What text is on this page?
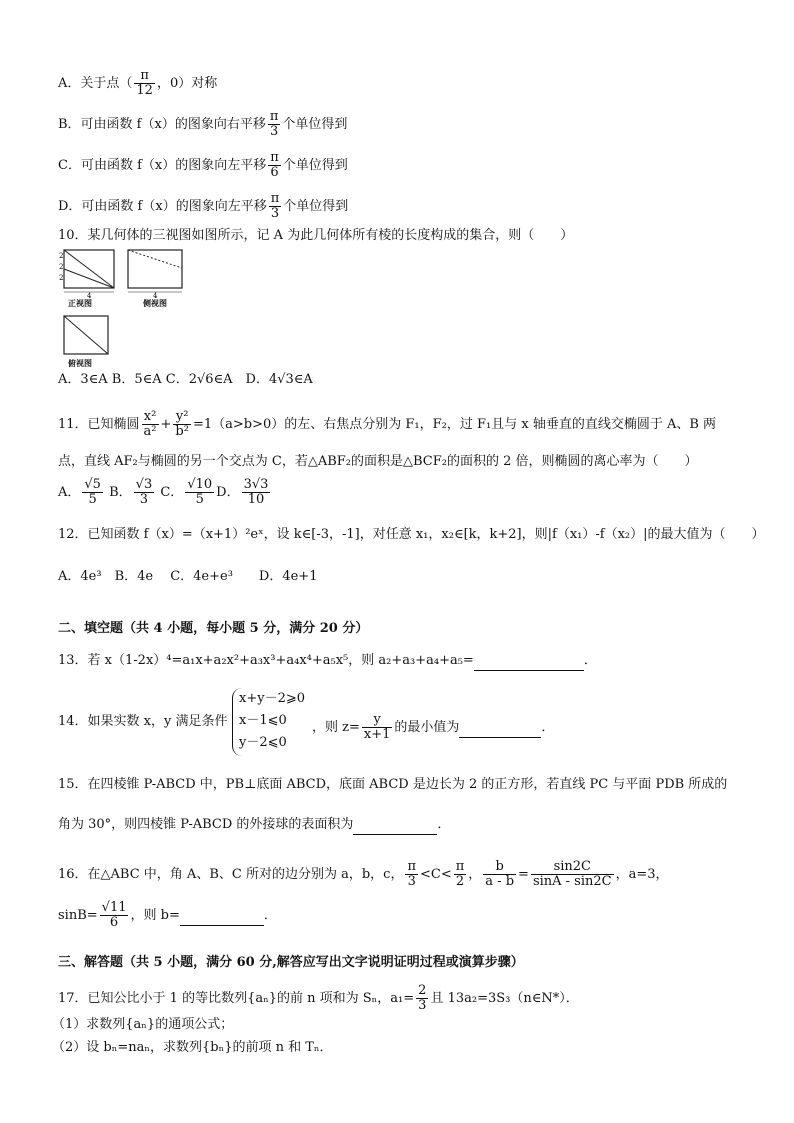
A．关于点（ $\frac{\pi}{12}$ ，0）对称
B．可由函数 f（x）的图象向右平移 $\frac{\pi}{3}$ 个单位得到
C．可由函数 f（x）的图象向左平移 $\frac{\pi}{6}$ 个单位得到
D．可由函数 f（x）的图象向左平移 $\frac{\pi}{3}$ 个单位得到
10．某几何体的三视图如图所示，记 A 为此几何体所有棱的长度构成的集合，则（　　）
2
2
2
4
正视图
4
侧视图
俯视图
A．3∈A B．5∈A C．2√6∈A　D．4√3∈A
11．已知椭圆 $\frac{\text{x²}}{\text{a²}} + \frac{\text{y²}}{\text{b²}} =1(a>b>0)$的左、右焦点分别为 F₁，F₂，过 F₁且与 x 轴垂直的直线交椭圆于 A、B 两
点，直线 AF₂与椭圆的另一个交点为 C，若△ABF₂的面积是△BCF₂的面积的 2 倍，则椭圆的离心率为（　　）
A． $\frac{√5}{5}$ B． $\frac{√3}{3}$ C． $\frac{√10}{5}$ D． $\frac{3√3}{10}$
12．已知函数 f（x）=（x+1）²eˣ，设 k∈[-3，-1]，对任意 x₁，x₂∈[k，k+2]，则|f（x₁）-f（x₂）|的最大值为（　　）
A．4e³　B．4e　 C．4e+e³　　D．4e+1
二、填空题（共 4 小题，每小题 5 分，满分 20 分）
13．若 x（1-2x）⁴=a₁x+a₂x²+a₃x³+a₄x⁴+a₅x⁵，则 a₂+a₃+a₄+a₅=	．
14．如果实数 x，y 满足条件
x+y－2⩾0
x－1⩽0
y－2⩽0
，则 $z= \frac{y}{x+1}$ 的最小值为	．
15．在四棱锥 P-ABCD 中，PB⊥底面 ABCD，底面 ABCD 是边长为 2 的正方形，若直线 PC 与平面 PDB 所成的
角为 30°，则四棱锥 P-ABCD 的外接球的表面积为	．
16．在△ABC 中，角 A、B、C 所对的边分别为 a，b，c， $\frac{\pi}{3} <C< \frac{\pi}{2}$ ， $\frac{b}{a - b} = \frac{\sin 2C}{\sin A - \sin 2C}$ ，a=3，
$\sin B= \frac{√11}{6}$ ，则 b=	．
三、解答题（共 5 小题，满分 60 分,解答应写出文字说明证明过程或演算步骤）
17．已知公比小于 1 的等比数列{aₙ}的前 n 项和为 Sₙ，$a_1= \frac{2}{3}$ 且 13a₂=3S₃（n∈N*）．
（1）求数列{aₙ}的通项公式；
（2）设 bₙ=naₙ，求数列{bₙ}的前项 n 和 Tₙ．
